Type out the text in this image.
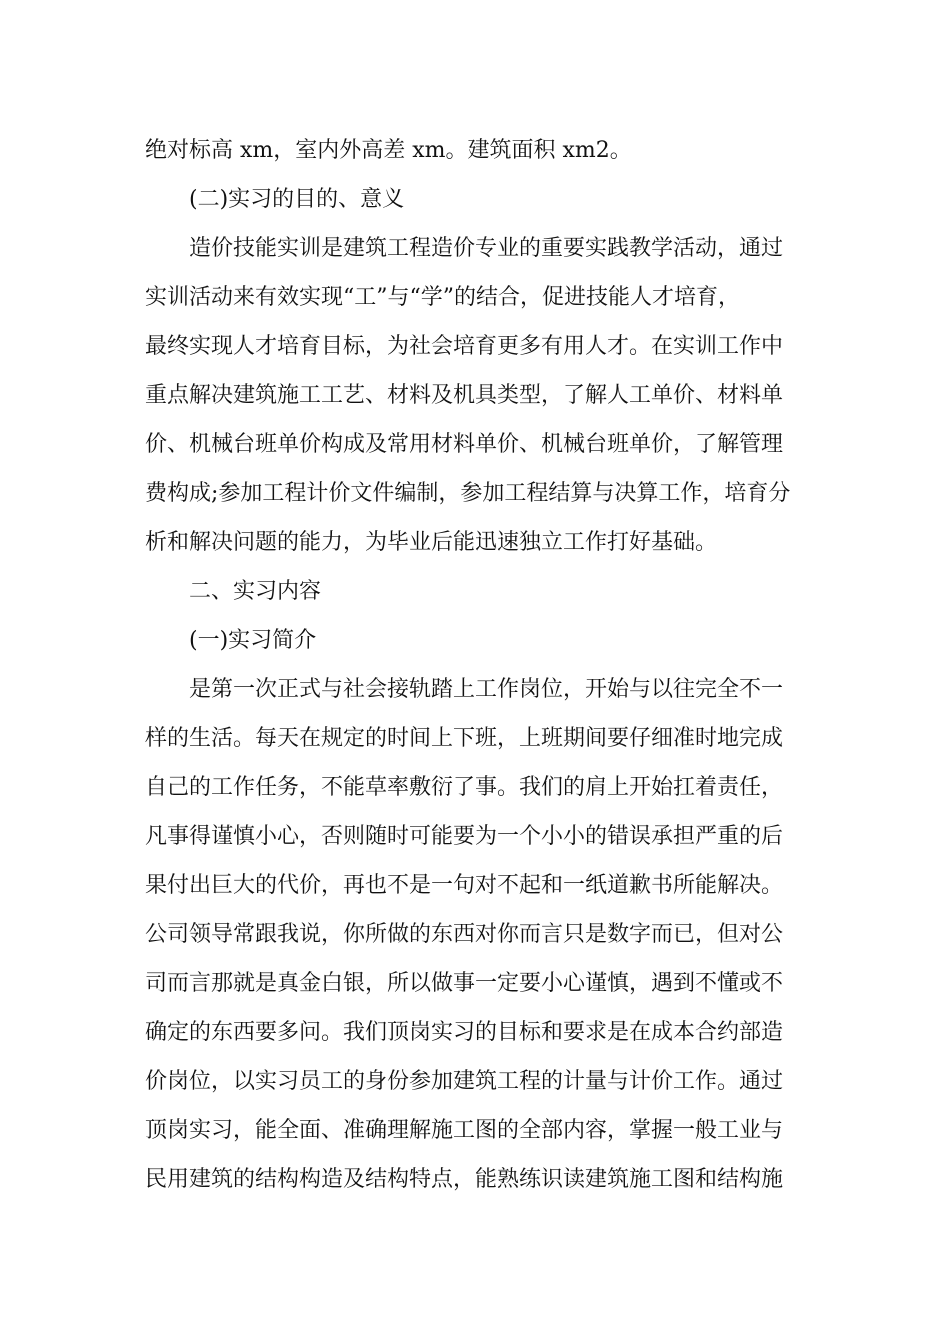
绝对标高 xm，室内外高差 xm。建筑面积 xm2。
(二)实习的目的、意义
造价技能实训是建筑工程造价专业的重要实践教学活动，通过
实训活动来有效实现“工”与“学”的结合，促进技能人才培育，
最终实现人才培育目标，为社会培育更多有用人才。在实训工作中
重点解决建筑施工工艺、材料及机具类型，了解人工单价、材料单
价、机械台班单价构成及常用材料单价、机械台班单价，了解管理
费构成;参加工程计价文件编制，参加工程结算与决算工作，培育分
析和解决问题的能力，为毕业后能迅速独立工作打好基础。
二、实习内容
(一)实习简介
是第一次正式与社会接轨踏上工作岗位，开始与以往完全不一
样的生活。每天在规定的时间上下班，上班期间要仔细准时地完成
自己的工作任务，不能草率敷衍了事。我们的肩上开始扛着责任，
凡事得谨慎小心，否则随时可能要为一个小小的错误承担严重的后
果付出巨大的代价，再也不是一句对不起和一纸道歉书所能解决。
公司领导常跟我说，你所做的东西对你而言只是数字而已，但对公
司而言那就是真金白银，所以做事一定要小心谨慎，遇到不懂或不
确定的东西要多问。我们顶岗实习的目标和要求是在成本合约部造
价岗位，以实习员工的身份参加建筑工程的计量与计价工作。通过
顶岗实习，能全面、准确理解施工图的全部内容，掌握一般工业与
民用建筑的结构构造及结构特点，能熟练识读建筑施工图和结构施
